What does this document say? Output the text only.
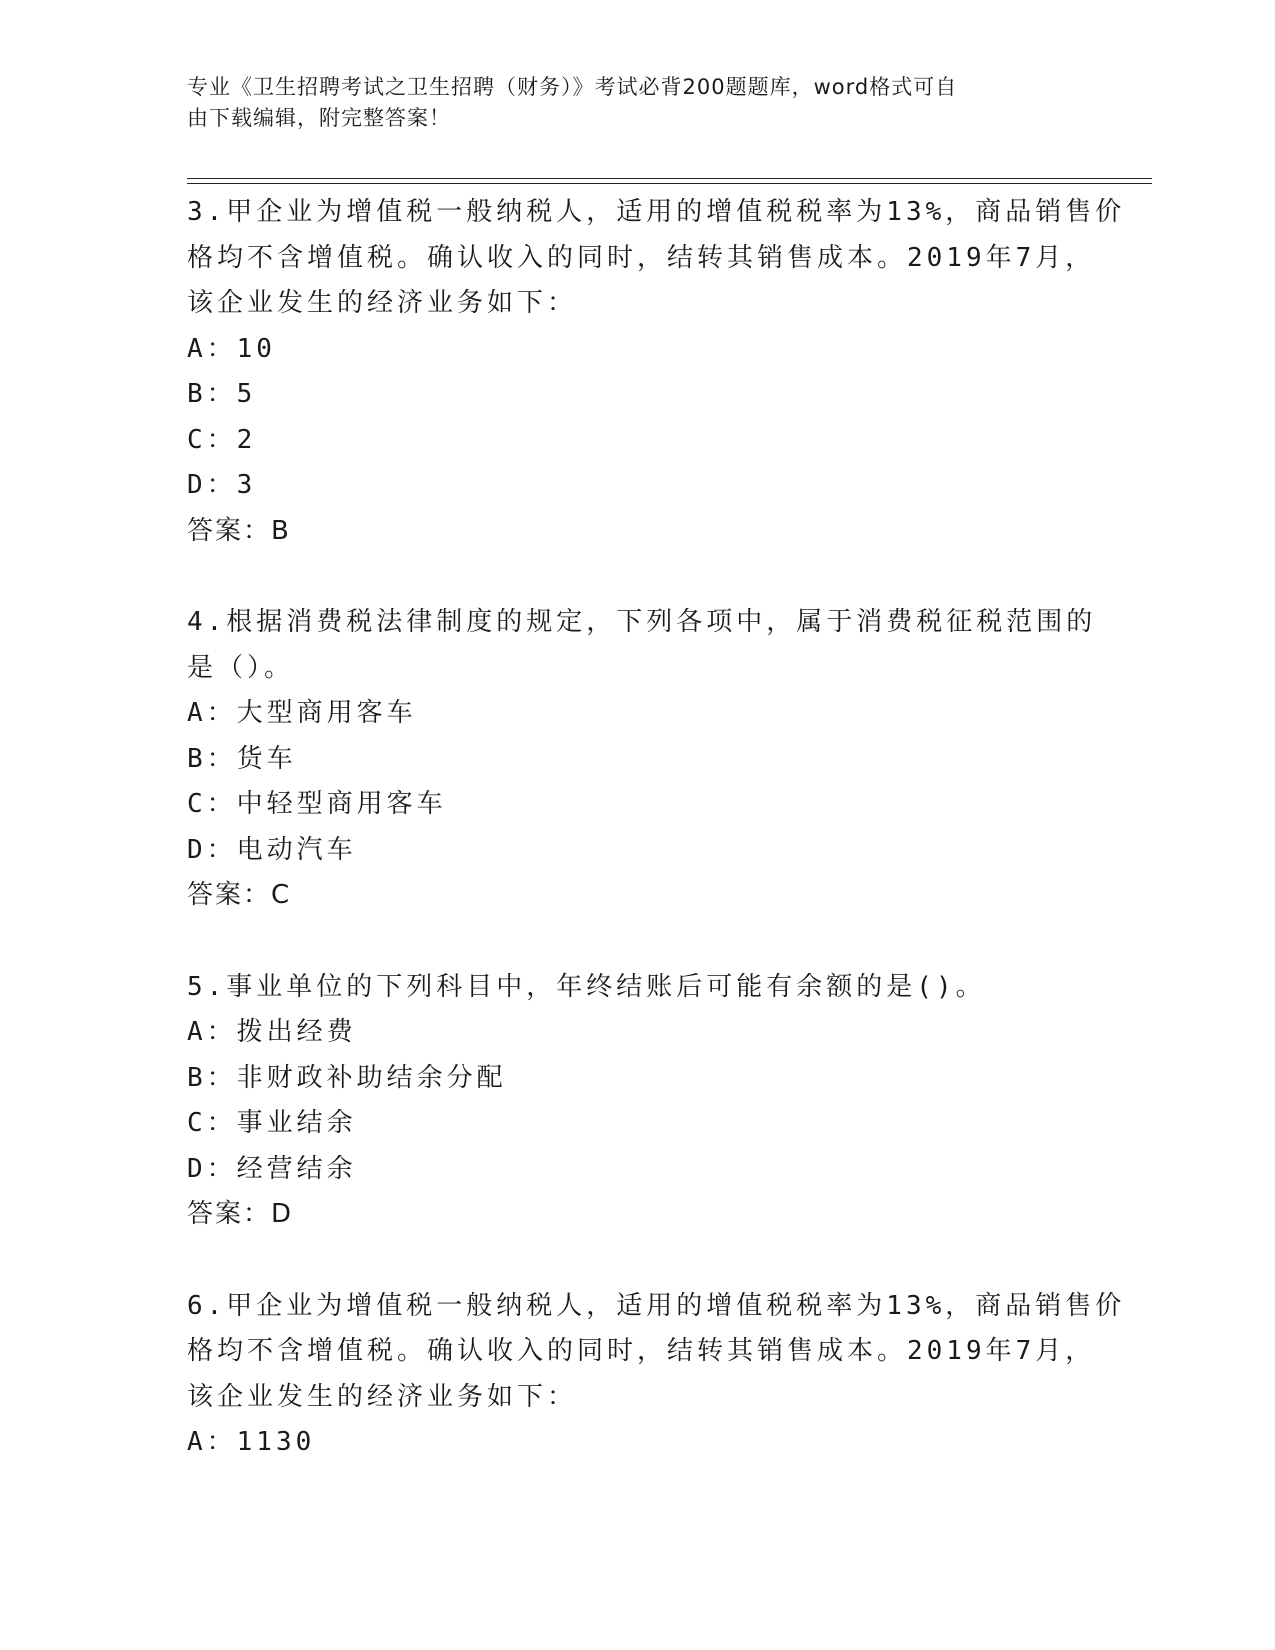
专业《卫生招聘考试之卫生招聘（财务）》考试必背200题题库，word格式可自
由下载编辑，附完整答案！
3.甲企业为增值税一般纳税人，适用的增值税税率为13%，商品销售价
格均不含增值税。确认收入的同时，结转其销售成本。2019年7月，
该企业发生的经济业务如下：
A：10
B：5
C：2
D：3
答案：B
4.根据消费税法律制度的规定，下列各项中，属于消费税征税范围的
是（）。
A：大型商用客车
B：货车
C：中轻型商用客车
D：电动汽车
答案：C
5.事业单位的下列科目中，年终结账后可能有余额的是()。
A：拨出经费
B：非财政补助结余分配
C：事业结余
D：经营结余
答案：D
6.甲企业为增值税一般纳税人，适用的增值税税率为13%，商品销售价
格均不含增值税。确认收入的同时，结转其销售成本。2019年7月，
该企业发生的经济业务如下：
A：1130
